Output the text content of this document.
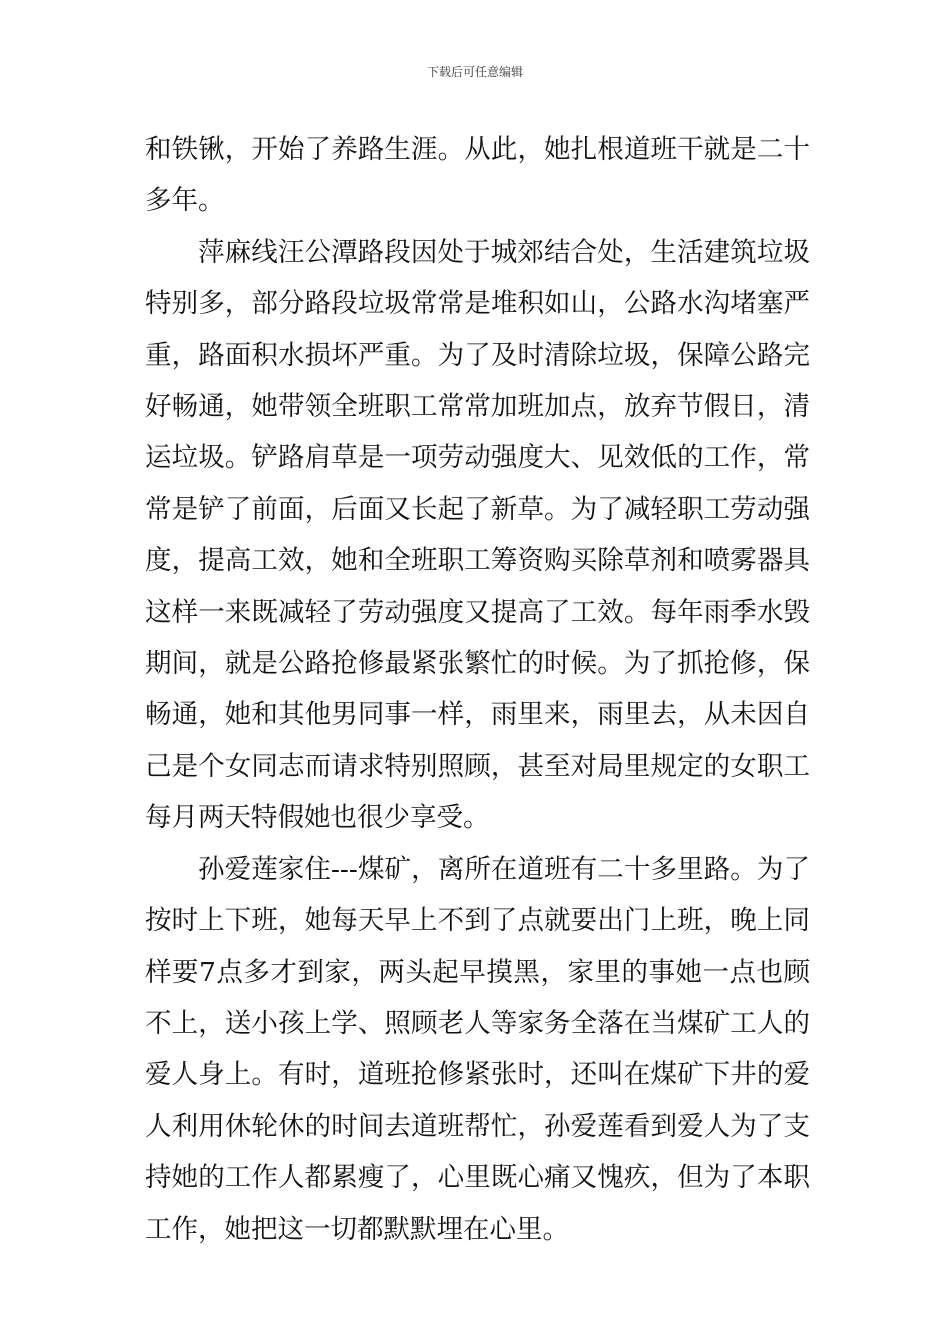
下载后可任意编辑

和铁锹，开始了养路生涯。从此，她扎根道班干就是二十多年。

萍麻线汪公潭路段因处于城郊结合处，生活建筑垃圾特别多，部分路段垃圾常常是堆积如山，公路水沟堵塞严重，路面积水损坏严重。为了及时清除垃圾，保障公路完好畅通，她带领全班职工常常加班加点，放弃节假日，清运垃圾。铲路肩草是一项劳动强度大、见效低的工作，常常是铲了前面，后面又长起了新草。为了减轻职工劳动强度，提高工效，她和全班职工筹资购买除草剂和喷雾器具这样一来既减轻了劳动强度又提高了工效。每年雨季水毁期间，就是公路抢修最紧张繁忙的时候。为了抓抢修，保畅通，她和其他男同事一样，雨里来，雨里去，从未因自己是个女同志而请求特别照顾，甚至对局里规定的女职工每月两天特假她也很少享受。

孙爱莲家住---煤矿，离所在道班有二十多里路。为了按时上下班，她每天早上不到了点就要出门上班，晚上同样要7点多才到家，两头起早摸黑，家里的事她一点也顾不上，送小孩上学、照顾老人等家务全落在当煤矿工人的爱人身上。有时，道班抢修紧张时，还叫在煤矿下井的爱人利用休轮休的时间去道班帮忙，孙爱莲看到爱人为了支持她的工作人都累瘦了，心里既心痛又愧疚，但为了本职工作，她把这一切都默默埋在心里。
